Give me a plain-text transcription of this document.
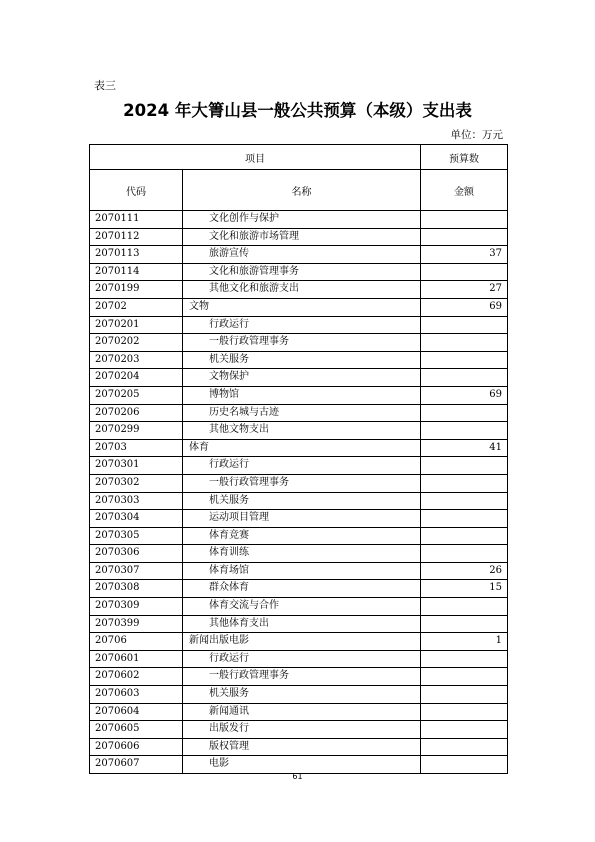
表三
2024 年大箐山县一般公共预算（本级）支出表
单位：万元
项目		预算数
代码	名称	金额
2070111	文化创作与保护	
2070112	文化和旅游市场管理	
2070113	旅游宣传	37
2070114	文化和旅游管理事务	
2070199	其他文化和旅游支出	27
20702	文物	69
2070201	行政运行	
2070202	一般行政管理事务	
2070203	机关服务	
2070204	文物保护	
2070205	博物馆	69
2070206	历史名城与古迹	
2070299	其他文物支出	
20703	体育	41
2070301	行政运行	
2070302	一般行政管理事务	
2070303	机关服务	
2070304	运动项目管理	
2070305	体育竞赛	
2070306	体育训练	
2070307	体育场馆	26
2070308	群众体育	15
2070309	体育交流与合作	
2070399	其他体育支出	
20706	新闻出版电影	1
2070601	行政运行	
2070602	一般行政管理事务	
2070603	机关服务	
2070604	新闻通讯	
2070605	出版发行	
2070606	版权管理	
2070607	电影	
61
